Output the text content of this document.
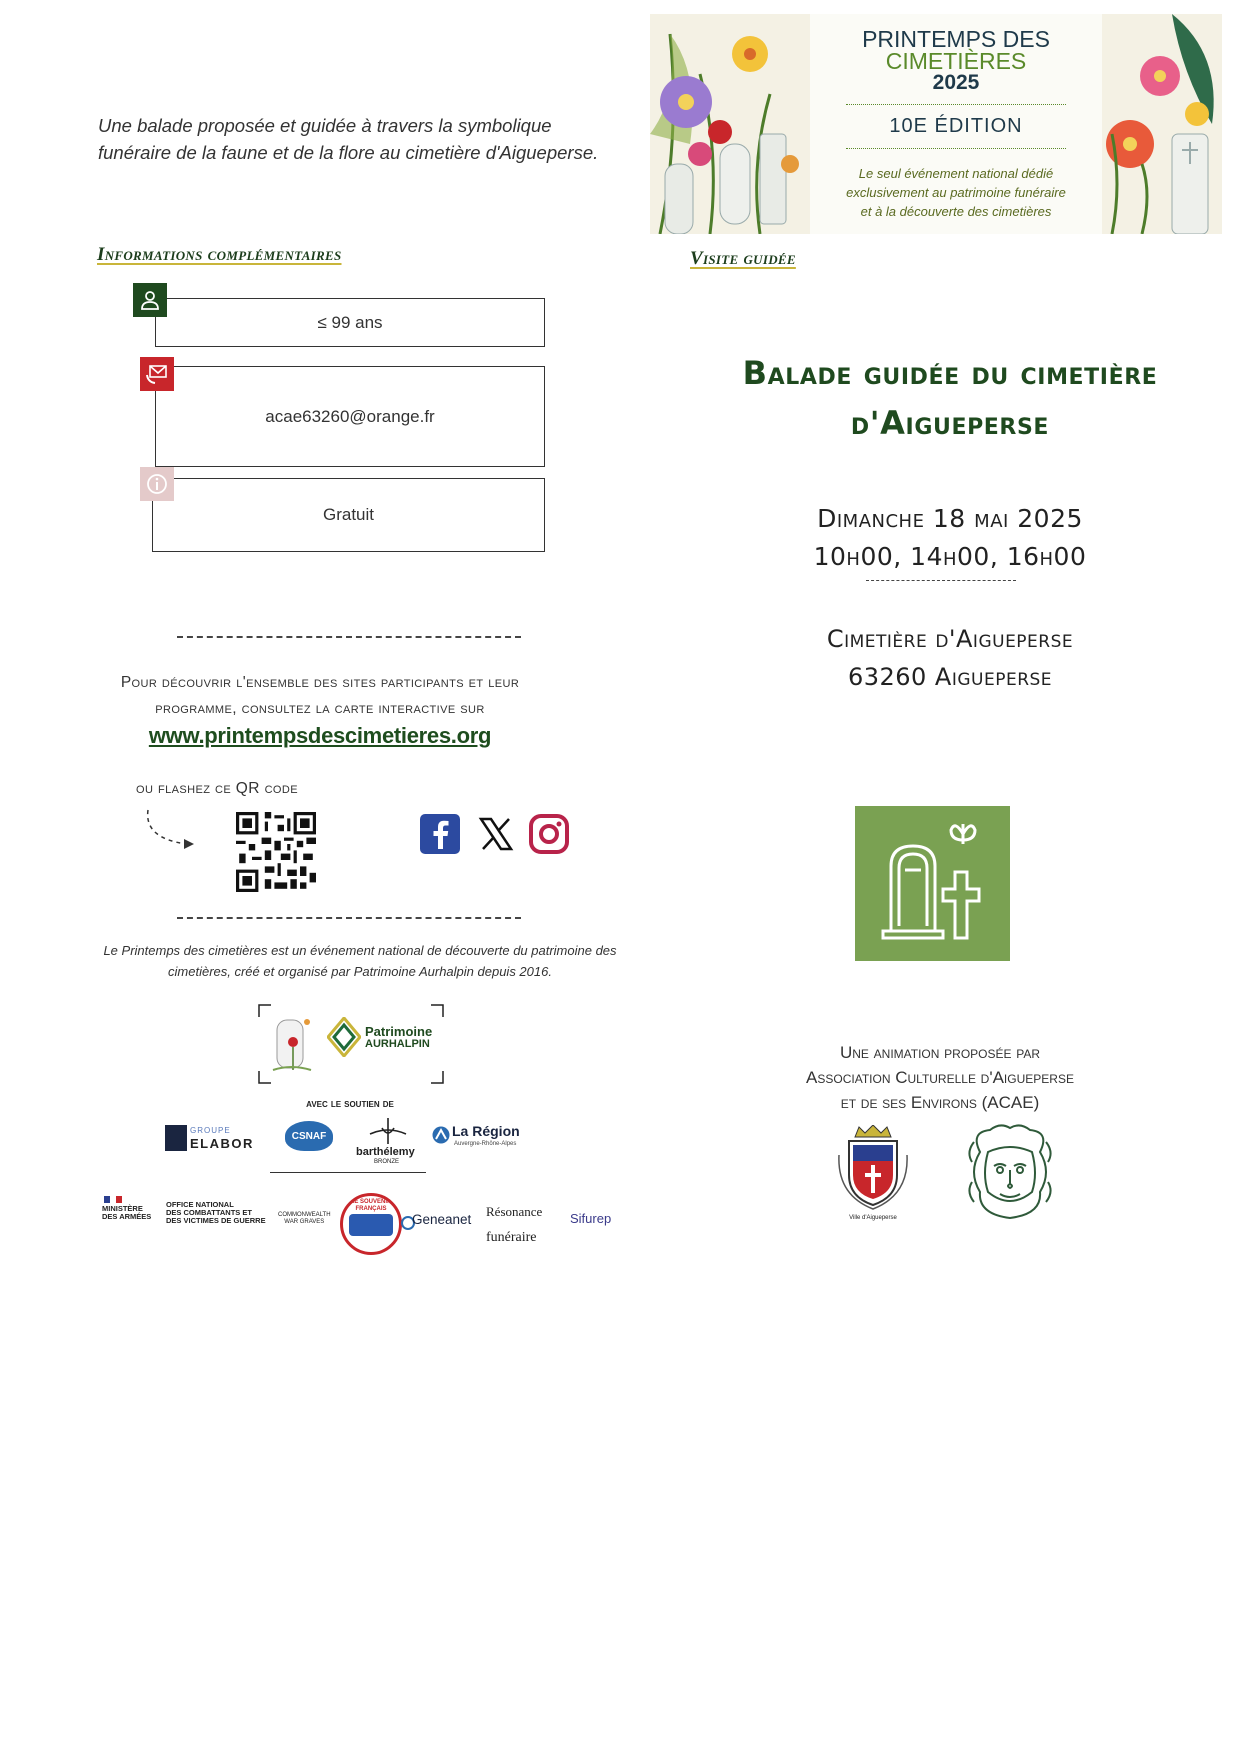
Une balade proposée et guidée à travers la symbolique funéraire de la faune et de la flore au cimetière d'Aigueperse.
Informations complémentaires
≤ 99 ans
acae63260@orange.fr
Gratuit
Pour découvrir l'ensemble des sites participants et leur
programme, consultez la carte interactive sur
www.printempsdescimetieres.org
ou flashez ce QR code
Le Printemps des cimetières est un événement national de découverte du patrimoine des cimetières, créé et organisé par Patrimoine Aurhalpin depuis 2016.
Patrimoine
AURHALPIN
avec le soutien de
GROUPE
ELABOR	CSNAF
barthélemy
BRONZE
La Région
Auvergne-Rhône-Alpes
MINISTÈRE
DES ARMÉES
OFFICE NATIONAL
DES COMBATTANTS ET
DES VICTIMES DE GUERRE
COMMONWEALTH
WAR GRAVES
LE SOUVENIR FRANÇAIS
Geneanet
Résonance
funéraire
Sifurep
PRINTEMPS DES
CIMETIÈRES
2025
10E ÉDITION
Le seul événement national dédié
exclusivement au patrimoine funéraire
et à la découverte des cimetières
Visite guidée
Balade guidée du cimetière
d'Aigueperse
Dimanche 18 mai 2025
10h00, 14h00, 16h00
Cimetière d'Aigueperse
63260 Aigueperse
Une animation proposée par
Association Culturelle d'Aigueperse
et de ses Environs (ACAE)
Ville d'Aigueperse
